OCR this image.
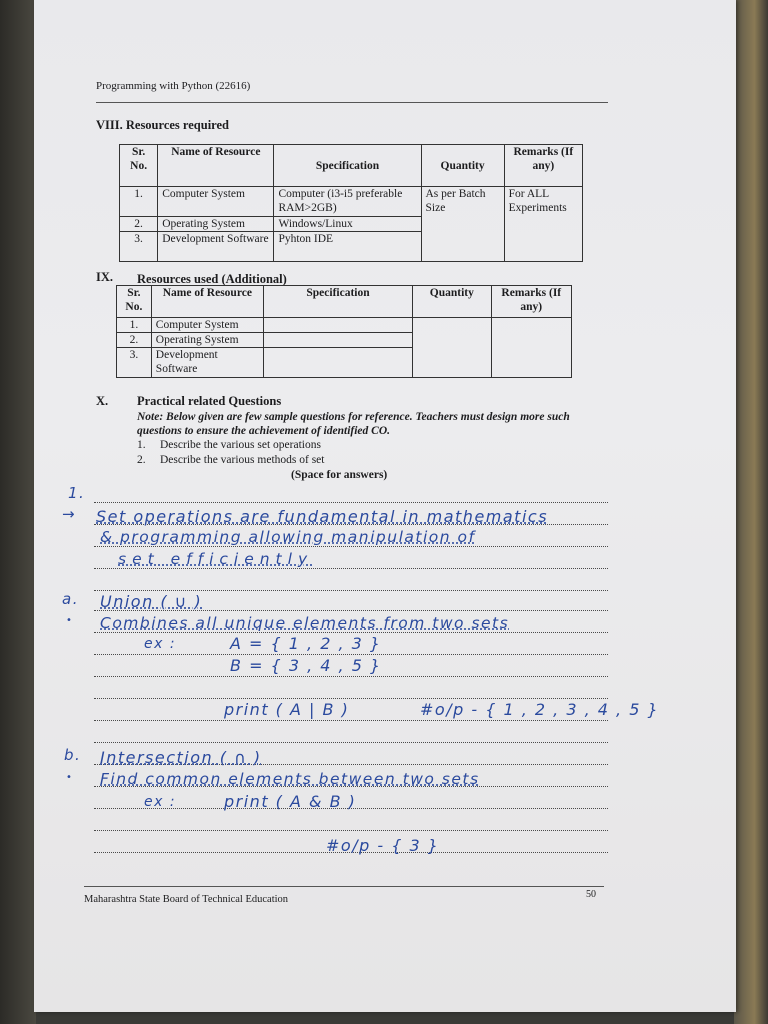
Programming with Python (22616)
VIII. Resources required
Sr. No.	Name of Resource	Specification	Quantity	Remarks (If any)
1.	Computer System	Computer (i3-i5 preferable RAM>2GB)	As per Batch Size	For ALL Experiments
2.	Operating System	Windows/Linux		
3.	Development Software	Pyhton IDE		
IX. Resources used (Additional)
Sr. No.	Name of Resource	Specification	Quantity	Remarks (If any)
1.	Computer System			
2.	Operating System			
3.	Development Software			
X. Practical related Questions
Note: Below given are few sample questions for reference. Teachers must design more such questions to ensure the achievement of identified CO.
1. Describe the various set operations
2. Describe the various methods of set
(Space for answers)
1.
→ Set operations are fundamental in mathematics
& programming allowing manipulation of
set efficiently
a. Union ( ∪ )
• Combines all unique elements from two sets
ex :	A = { 1 , 2 , 3 }
B = { 3 , 4 , 5 }
print ( A | B )	#o/p - { 1 , 2 , 3 , 4 , 5 }
b. Intersection ( ∩ )
• Find common elements between two sets
ex :	print ( A & B )
#o/p - { 3 }
Maharashtra State Board of Technical Education	50
